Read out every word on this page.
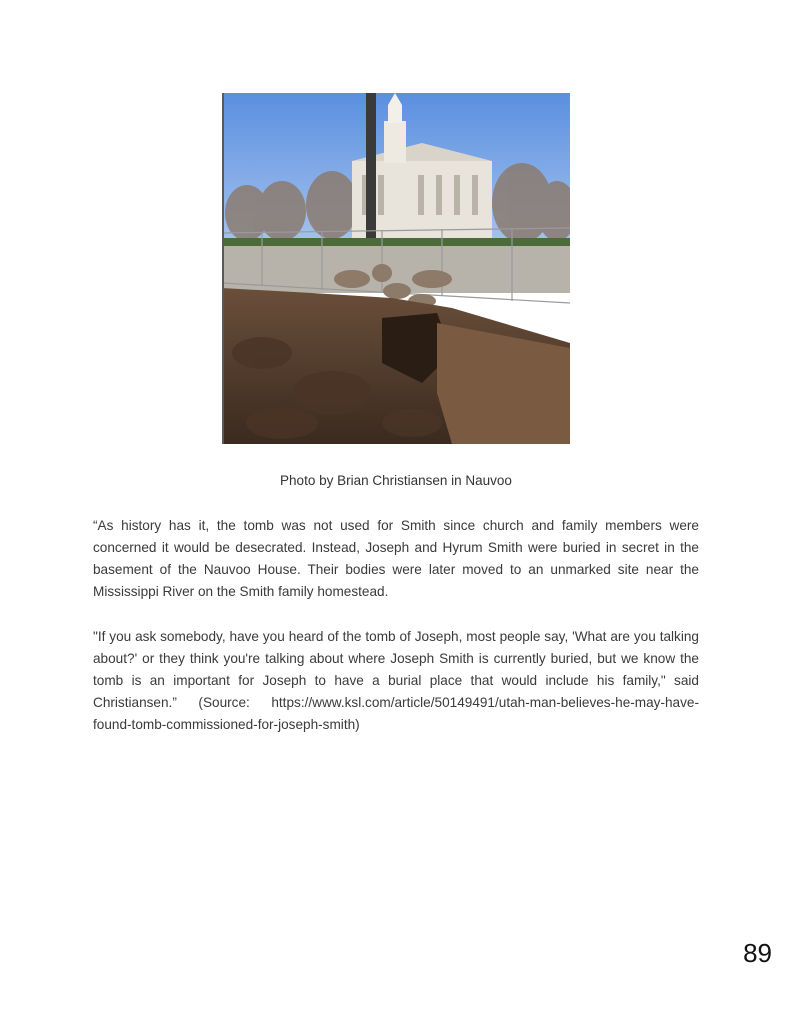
Photo by Brian Christiansen in Nauvoo

“As history has it, the tomb was not used for Smith since church and family members were concerned it would be desecrated. Instead, Joseph and Hyrum Smith were buried in secret in the basement of the Nauvoo House. Their bodies were later moved to an unmarked site near the Mississippi River on the Smith family homestead.

"If you ask somebody, have you heard of the tomb of Joseph, most people say, 'What are you talking about?' or they think you're talking about where Joseph Smith is currently buried, but we know the tomb is an important for Joseph to have a burial place that would include his family," said Christiansen.” (Source: https://www.ksl.com/article/50149491/utah-man-believes-he-may-have-found-tomb-commissioned-for-joseph-smith)

89
